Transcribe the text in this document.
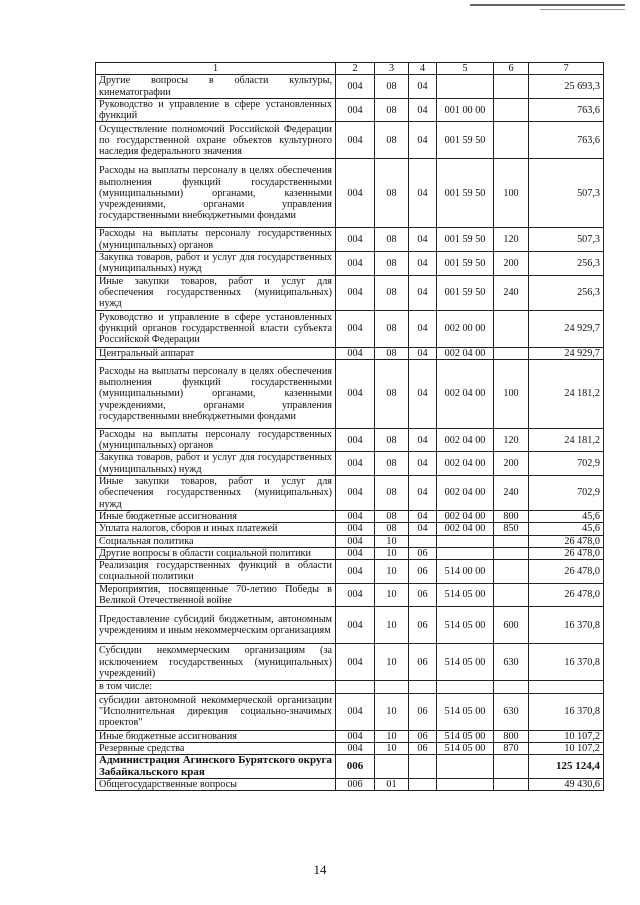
1	2	3	4	5	6	7
Другие вопросы в области культуры, кинематографии	004	08	04			25 693,3
Руководство и управление в сфере установленных функций	004	08	04	001 00 00		763,6
Осуществление полномочий Российской Федерации по государственной охране объектов культурного наследия федерального значения	004	08	04	001 59 50		763,6
Расходы на выплаты персоналу в целях обеспечения выполнения функций государственными (муниципальными) органами, казенными учреждениями, органами управления государственными внебюджетными фондами	004	08	04	001 59 50	100	507,3
Расходы на выплаты персоналу государственных (муниципальных) органов	004	08	04	001 59 50	120	507,3
Закупка товаров, работ и услуг для государственных (муниципальных) нужд	004	08	04	001 59 50	200	256,3
Иные закупки товаров, работ и услуг для обеспечения государственных (муниципальных) нужд	004	08	04	001 59 50	240	256,3
Руководство и управление в сфере установленных функций органов государственной власти субъекта Российской Федерации	004	08	04	002 00 00		24 929,7
Центральный аппарат	004	08	04	002 04 00		24 929,7
Расходы на выплаты персоналу в целях обеспечения выполнения функций государственными (муниципальными) органами, казенными учреждениями, органами управления государственными внебюджетными фондами	004	08	04	002 04 00	100	24 181,2
Расходы на выплаты персоналу государственных (муниципальных) органов	004	08	04	002 04 00	120	24 181,2
Закупка товаров, работ и услуг для государственных (муниципальных) нужд	004	08	04	002 04 00	200	702,9
Иные закупки товаров, работ и услуг для обеспечения государственных (муниципальных) нужд	004	08	04	002 04 00	240	702,9
Иные бюджетные ассигнования	004	08	04	002 04 00	800	45,6
Уплата налогов, сборов и иных платежей	004	08	04	002 04 00	850	45,6
Социальная политика	004	10				26 478,0
Другие вопросы в области социальной политики	004	10	06			26 478,0
Реализация государственных функций в области социальной политики	004	10	06	514 00 00		26 478,0
Мероприятия, посвященные 70-летию Победы в Великой Отечественной войне	004	10	06	514 05 00		26 478,0
Предоставление субсидий бюджетным, автономным учреждениям и иным некоммерческим организациям	004	10	06	514 05 00	600	16 370,8
Субсидии некоммерческим организациям (за исключением государственных (муниципальных) учреждений)	004	10	06	514 05 00	630	16 370,8
в том числе:						
субсидии автономной некоммерческой организации "Исполнительная дирекция социально-значимых проектов"	004	10	06	514 05 00	630	16 370,8
Иные бюджетные ассигнования	004	10	06	514 05 00	800	10 107,2
Резервные средства	004	10	06	514 05 00	870	10 107,2
Администрация Агинского Бурятского округа Забайкальского края	006					125 124,4
Общегосударственные вопросы	006	01				49 430,6
14
